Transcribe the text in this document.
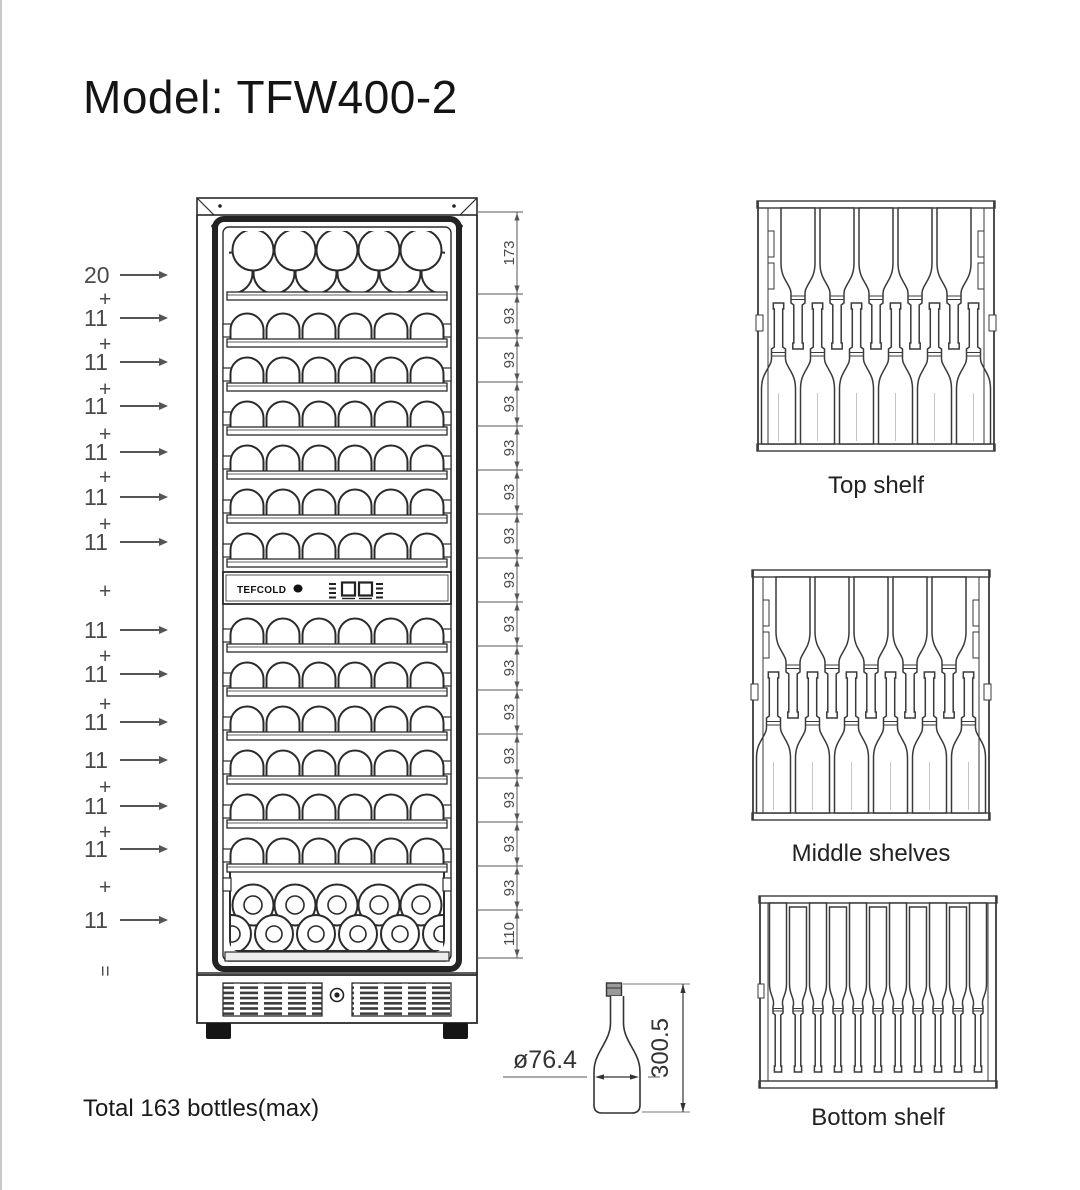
Model: TFW400-2
TEFCOLD
173
93
93
93
93
93
93
93
93
93
93
93
93
93
93
110
20
+
11
+
11
+
11
+
11
+
11
+
11
+
11
+
11
+
11
11
+
11
+
11
+
11
=
Top shelf
Middle shelves
Bottom shelf
ø76.4	300.5
Total 163 bottles(max)
